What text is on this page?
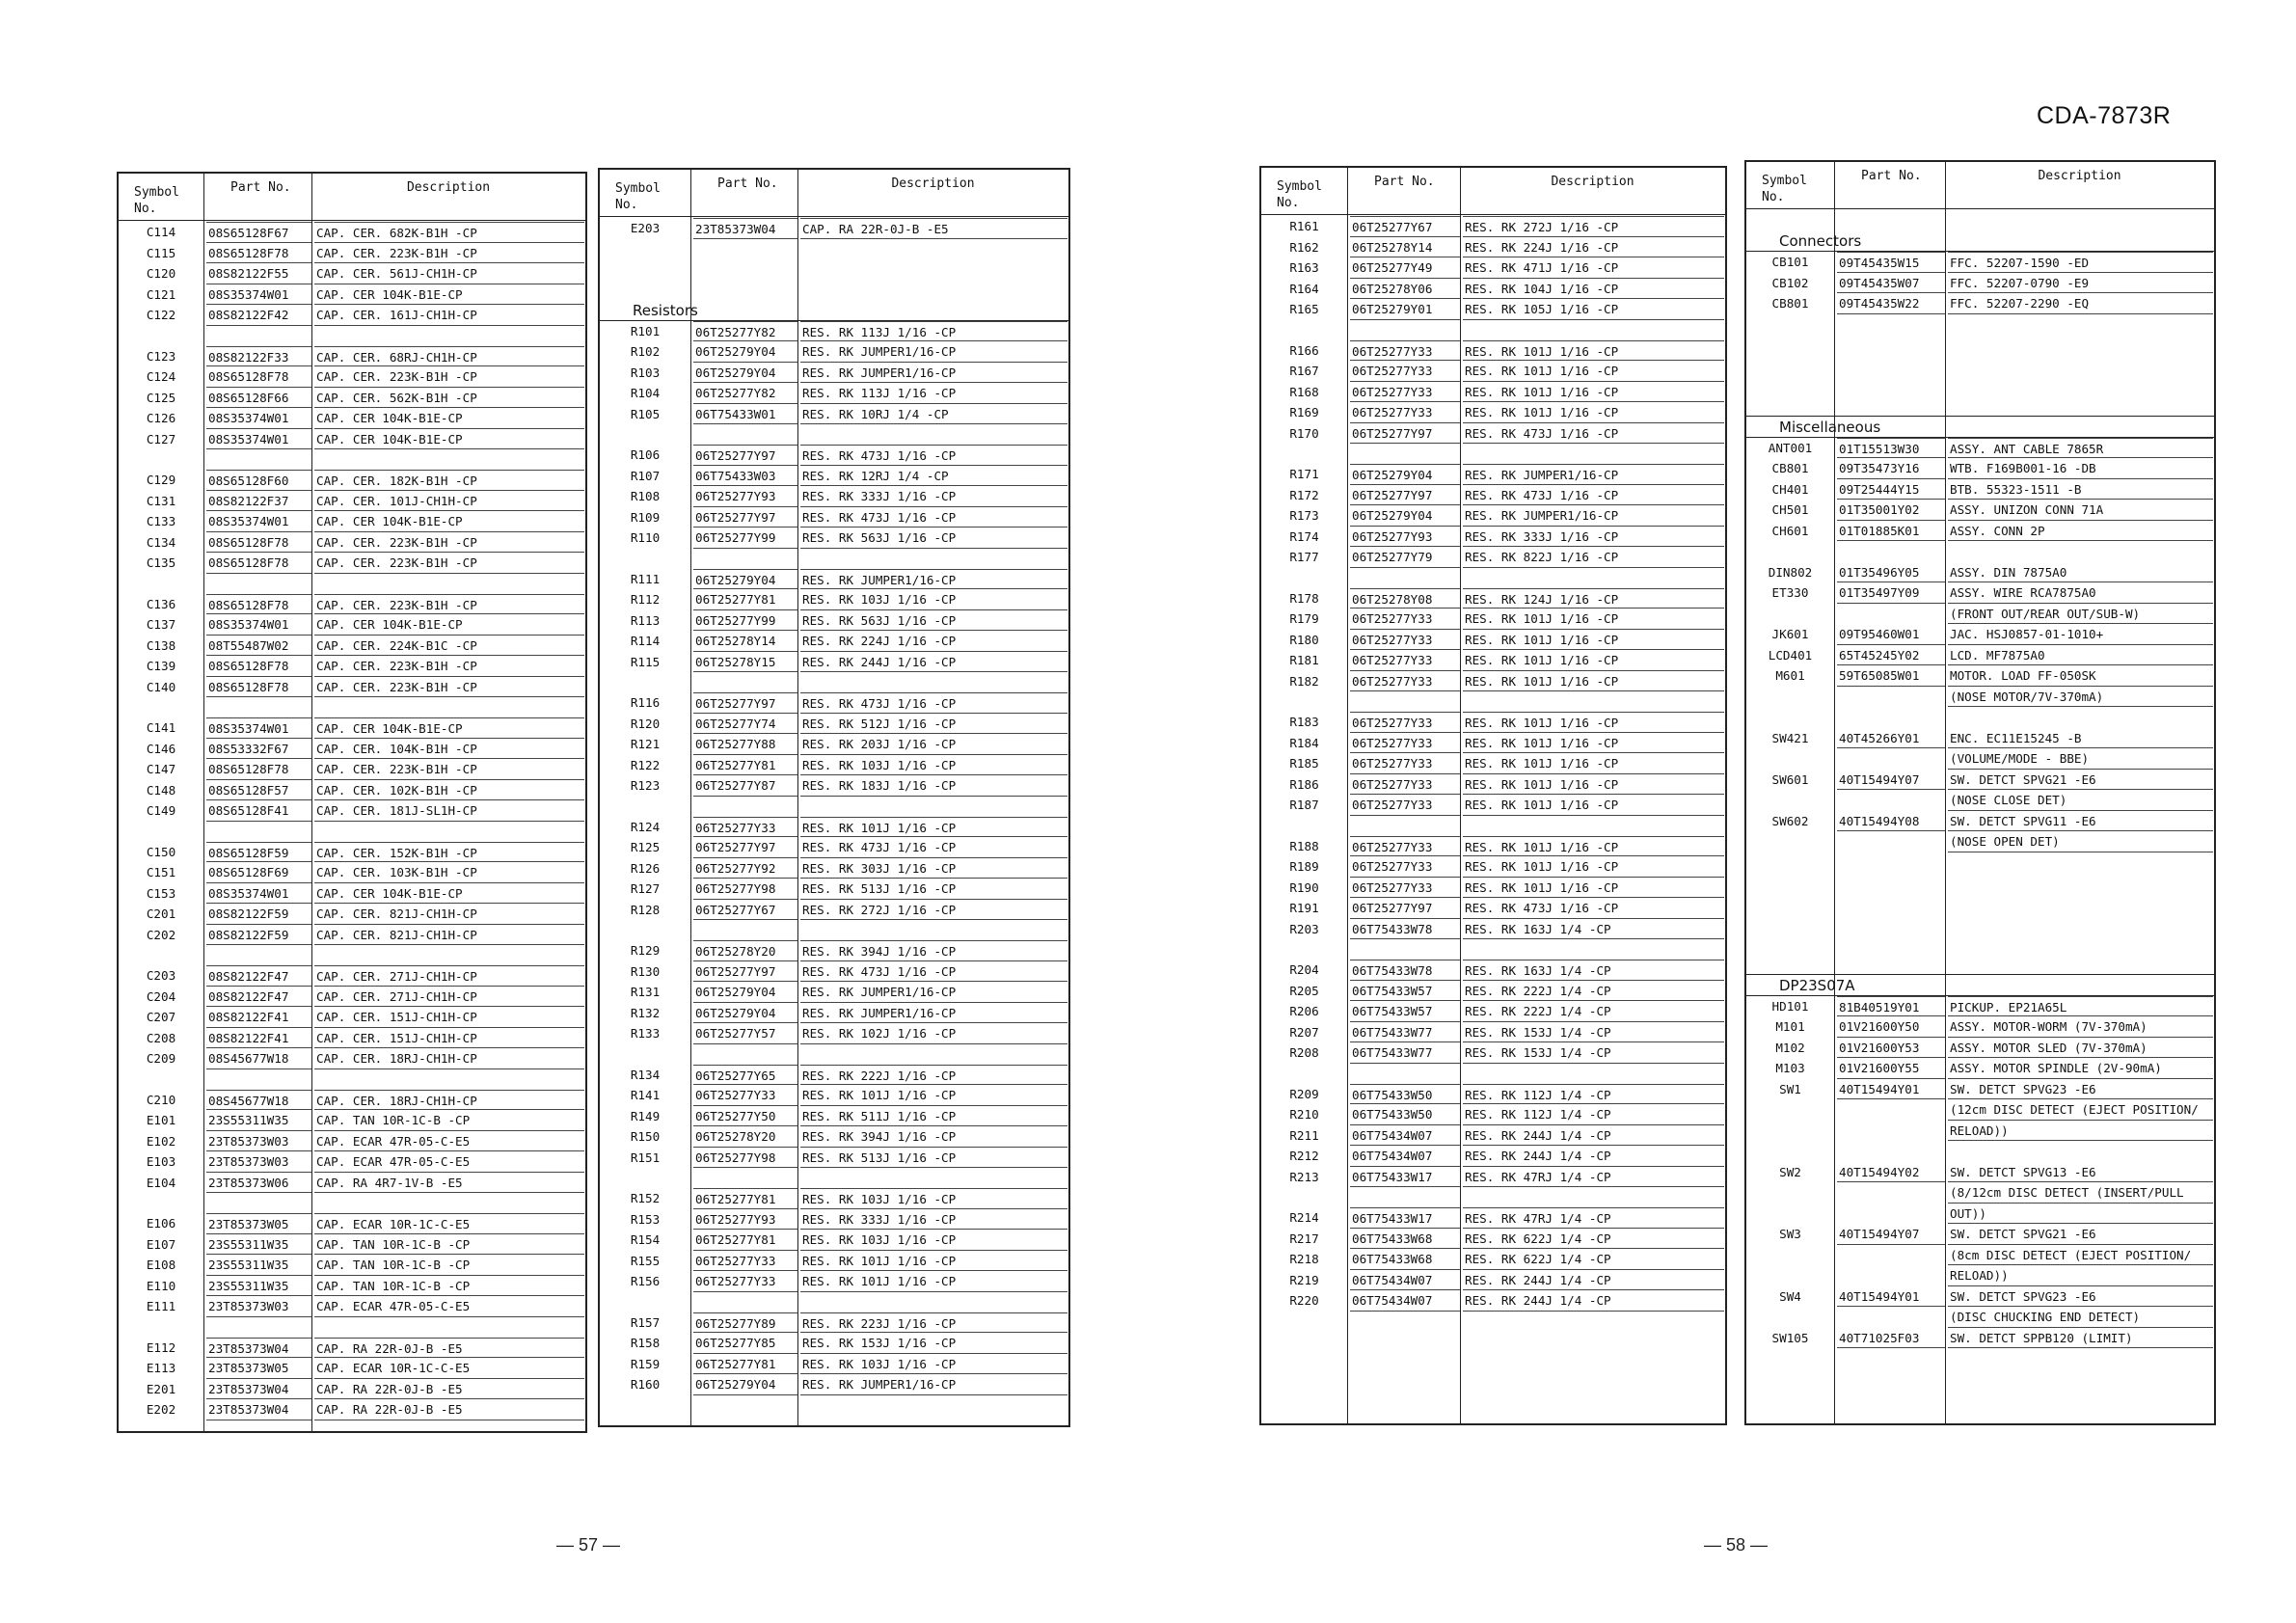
CDA-7873R
— 57 —	— 58 —
Symbol
No.
Part No.	Description
C114	08S65128F67	CAP. CER. 682K-B1H -CP
C115	08S65128F78	CAP. CER. 223K-B1H -CP
C120	08S82122F55	CAP. CER. 561J-CH1H-CP
C121	08S35374W01	CAP. CER 104K-B1E-CP
C122	08S82122F42	CAP. CER. 161J-CH1H-CP
C123	08S82122F33	CAP. CER. 68RJ-CH1H-CP
C124	08S65128F78	CAP. CER. 223K-B1H -CP
C125	08S65128F66	CAP. CER. 562K-B1H -CP
C126	08S35374W01	CAP. CER 104K-B1E-CP
C127	08S35374W01	CAP. CER 104K-B1E-CP
C129	08S65128F60	CAP. CER. 182K-B1H -CP
C131	08S82122F37	CAP. CER. 101J-CH1H-CP
C133	08S35374W01	CAP. CER 104K-B1E-CP
C134	08S65128F78	CAP. CER. 223K-B1H -CP
C135	08S65128F78	CAP. CER. 223K-B1H -CP
C136	08S65128F78	CAP. CER. 223K-B1H -CP
C137	08S35374W01	CAP. CER 104K-B1E-CP
C138	08T55487W02	CAP. CER. 224K-B1C -CP
C139	08S65128F78	CAP. CER. 223K-B1H -CP
C140	08S65128F78	CAP. CER. 223K-B1H -CP
C141	08S35374W01	CAP. CER 104K-B1E-CP
C146	08S53332F67	CAP. CER. 104K-B1H -CP
C147	08S65128F78	CAP. CER. 223K-B1H -CP
C148	08S65128F57	CAP. CER. 102K-B1H -CP
C149	08S65128F41	CAP. CER. 181J-SL1H-CP
C150	08S65128F59	CAP. CER. 152K-B1H -CP
C151	08S65128F69	CAP. CER. 103K-B1H -CP
C153	08S35374W01	CAP. CER 104K-B1E-CP
C201	08S82122F59	CAP. CER. 821J-CH1H-CP
C202	08S82122F59	CAP. CER. 821J-CH1H-CP
C203	08S82122F47	CAP. CER. 271J-CH1H-CP
C204	08S82122F47	CAP. CER. 271J-CH1H-CP
C207	08S82122F41	CAP. CER. 151J-CH1H-CP
C208	08S82122F41	CAP. CER. 151J-CH1H-CP
C209	08S45677W18	CAP. CER. 18RJ-CH1H-CP
C210	08S45677W18	CAP. CER. 18RJ-CH1H-CP
E101	23S55311W35	CAP. TAN 10R-1C-B -CP
E102	23T85373W03	CAP. ECAR 47R-05-C-E5
E103	23T85373W03	CAP. ECAR 47R-05-C-E5
E104	23T85373W06	CAP. RA 4R7-1V-B -E5
E106	23T85373W05	CAP. ECAR 10R-1C-C-E5
E107	23S55311W35	CAP. TAN 10R-1C-B -CP
E108	23S55311W35	CAP. TAN 10R-1C-B -CP
E110	23S55311W35	CAP. TAN 10R-1C-B -CP
E111	23T85373W03	CAP. ECAR 47R-05-C-E5
E112	23T85373W04	CAP. RA 22R-0J-B -E5
E113	23T85373W05	CAP. ECAR 10R-1C-C-E5
E201	23T85373W04	CAP. RA 22R-0J-B -E5
E202	23T85373W04	CAP. RA 22R-0J-B -E5
Symbol
No.
Part No.	Description
E203	23T85373W04	CAP. RA 22R-0J-B -E5
Resistors
R101	06T25277Y82	RES. RK 113J 1/16 -CP
R102	06T25279Y04	RES. RK JUMPER1/16-CP
R103	06T25279Y04	RES. RK JUMPER1/16-CP
R104	06T25277Y82	RES. RK 113J 1/16 -CP
R105	06T75433W01	RES. RK 10RJ 1/4 -CP
R106	06T25277Y97	RES. RK 473J 1/16 -CP
R107	06T75433W03	RES. RK 12RJ 1/4 -CP
R108	06T25277Y93	RES. RK 333J 1/16 -CP
R109	06T25277Y97	RES. RK 473J 1/16 -CP
R110	06T25277Y99	RES. RK 563J 1/16 -CP
R111	06T25279Y04	RES. RK JUMPER1/16-CP
R112	06T25277Y81	RES. RK 103J 1/16 -CP
R113	06T25277Y99	RES. RK 563J 1/16 -CP
R114	06T25278Y14	RES. RK 224J 1/16 -CP
R115	06T25278Y15	RES. RK 244J 1/16 -CP
R116	06T25277Y97	RES. RK 473J 1/16 -CP
R120	06T25277Y74	RES. RK 512J 1/16 -CP
R121	06T25277Y88	RES. RK 203J 1/16 -CP
R122	06T25277Y81	RES. RK 103J 1/16 -CP
R123	06T25277Y87	RES. RK 183J 1/16 -CP
R124	06T25277Y33	RES. RK 101J 1/16 -CP
R125	06T25277Y97	RES. RK 473J 1/16 -CP
R126	06T25277Y92	RES. RK 303J 1/16 -CP
R127	06T25277Y98	RES. RK 513J 1/16 -CP
R128	06T25277Y67	RES. RK 272J 1/16 -CP
R129	06T25278Y20	RES. RK 394J 1/16 -CP
R130	06T25277Y97	RES. RK 473J 1/16 -CP
R131	06T25279Y04	RES. RK JUMPER1/16-CP
R132	06T25279Y04	RES. RK JUMPER1/16-CP
R133	06T25277Y57	RES. RK 102J 1/16 -CP
R134	06T25277Y65	RES. RK 222J 1/16 -CP
R141	06T25277Y33	RES. RK 101J 1/16 -CP
R149	06T25277Y50	RES. RK 511J 1/16 -CP
R150	06T25278Y20	RES. RK 394J 1/16 -CP
R151	06T25277Y98	RES. RK 513J 1/16 -CP
R152	06T25277Y81	RES. RK 103J 1/16 -CP
R153	06T25277Y93	RES. RK 333J 1/16 -CP
R154	06T25277Y81	RES. RK 103J 1/16 -CP
R155	06T25277Y33	RES. RK 101J 1/16 -CP
R156	06T25277Y33	RES. RK 101J 1/16 -CP
R157	06T25277Y89	RES. RK 223J 1/16 -CP
R158	06T25277Y85	RES. RK 153J 1/16 -CP
R159	06T25277Y81	RES. RK 103J 1/16 -CP
R160	06T25279Y04	RES. RK JUMPER1/16-CP
Symbol
No.
Part No.	Description
R161	06T25277Y67	RES. RK 272J 1/16 -CP
R162	06T25278Y14	RES. RK 224J 1/16 -CP
R163	06T25277Y49	RES. RK 471J 1/16 -CP
R164	06T25278Y06	RES. RK 104J 1/16 -CP
R165	06T25279Y01	RES. RK 105J 1/16 -CP
R166	06T25277Y33	RES. RK 101J 1/16 -CP
R167	06T25277Y33	RES. RK 101J 1/16 -CP
R168	06T25277Y33	RES. RK 101J 1/16 -CP
R169	06T25277Y33	RES. RK 101J 1/16 -CP
R170	06T25277Y97	RES. RK 473J 1/16 -CP
R171	06T25279Y04	RES. RK JUMPER1/16-CP
R172	06T25277Y97	RES. RK 473J 1/16 -CP
R173	06T25279Y04	RES. RK JUMPER1/16-CP
R174	06T25277Y93	RES. RK 333J 1/16 -CP
R177	06T25277Y79	RES. RK 822J 1/16 -CP
R178	06T25278Y08	RES. RK 124J 1/16 -CP
R179	06T25277Y33	RES. RK 101J 1/16 -CP
R180	06T25277Y33	RES. RK 101J 1/16 -CP
R181	06T25277Y33	RES. RK 101J 1/16 -CP
R182	06T25277Y33	RES. RK 101J 1/16 -CP
R183	06T25277Y33	RES. RK 101J 1/16 -CP
R184	06T25277Y33	RES. RK 101J 1/16 -CP
R185	06T25277Y33	RES. RK 101J 1/16 -CP
R186	06T25277Y33	RES. RK 101J 1/16 -CP
R187	06T25277Y33	RES. RK 101J 1/16 -CP
R188	06T25277Y33	RES. RK 101J 1/16 -CP
R189	06T25277Y33	RES. RK 101J 1/16 -CP
R190	06T25277Y33	RES. RK 101J 1/16 -CP
R191	06T25277Y97	RES. RK 473J 1/16 -CP
R203	06T75433W78	RES. RK 163J 1/4 -CP
R204	06T75433W78	RES. RK 163J 1/4 -CP
R205	06T75433W57	RES. RK 222J 1/4 -CP
R206	06T75433W57	RES. RK 222J 1/4 -CP
R207	06T75433W77	RES. RK 153J 1/4 -CP
R208	06T75433W77	RES. RK 153J 1/4 -CP
R209	06T75433W50	RES. RK 112J 1/4 -CP
R210	06T75433W50	RES. RK 112J 1/4 -CP
R211	06T75434W07	RES. RK 244J 1/4 -CP
R212	06T75434W07	RES. RK 244J 1/4 -CP
R213	06T75433W17	RES. RK 47RJ 1/4 -CP
R214	06T75433W17	RES. RK 47RJ 1/4 -CP
R217	06T75433W68	RES. RK 622J 1/4 -CP
R218	06T75433W68	RES. RK 622J 1/4 -CP
R219	06T75434W07	RES. RK 244J 1/4 -CP
R220	06T75434W07	RES. RK 244J 1/4 -CP
Symbol
No.
Part No.	Description
Connectors
CB101	09T45435W15	FFC. 52207-1590 -ED
CB102	09T45435W07	FFC. 52207-0790 -E9
CB801	09T45435W22	FFC. 52207-2290 -EQ
Miscellaneous
ANT001	01T15513W30	ASSY. ANT CABLE 7865R
CB801	09T35473Y16	WTB. F169B001-16 -DB
CH401	09T25444Y15	BTB. 55323-1511 -B
CH501	01T35001Y02	ASSY. UNIZON CONN 71A
CH601	01T01885K01	ASSY. CONN 2P
DIN802	01T35496Y05	ASSY. DIN 7875A0
ET330	01T35497Y09	ASSY. WIRE RCA7875A0
(FRONT OUT/REAR OUT/SUB-W)
JK601	09T95460W01	JAC. HSJ0857-01-1010+
LCD401	65T45245Y02	LCD. MF7875A0
M601	59T65085W01	MOTOR. LOAD FF-050SK
(NOSE MOTOR/7V-370mA)
SW421	40T45266Y01	ENC. EC11E15245 -B
(VOLUME/MODE - BBE)
SW601	40T15494Y07	SW. DETCT SPVG21 -E6
(NOSE CLOSE DET)
SW602	40T15494Y08	SW. DETCT SPVG11 -E6
(NOSE OPEN DET)
DP23S07A
HD101	81B40519Y01	PICKUP. EP21A65L
M101	01V21600Y50	ASSY. MOTOR-WORM (7V-370mA)
M102	01V21600Y53	ASSY. MOTOR SLED (7V-370mA)
M103	01V21600Y55	ASSY. MOTOR SPINDLE (2V-90mA)
SW1	40T15494Y01	SW. DETCT SPVG23 -E6
(12cm DISC DETECT (EJECT POSITION/
RELOAD))
SW2	40T15494Y02	SW. DETCT SPVG13 -E6
(8/12cm DISC DETECT (INSERT/PULL
OUT))
SW3	40T15494Y07	SW. DETCT SPVG21 -E6
(8cm DISC DETECT (EJECT POSITION/
RELOAD))
SW4	40T15494Y01	SW. DETCT SPVG23 -E6
(DISC CHUCKING END DETECT)
SW105	40T71025F03	SW. DETCT SPPB120 (LIMIT)
